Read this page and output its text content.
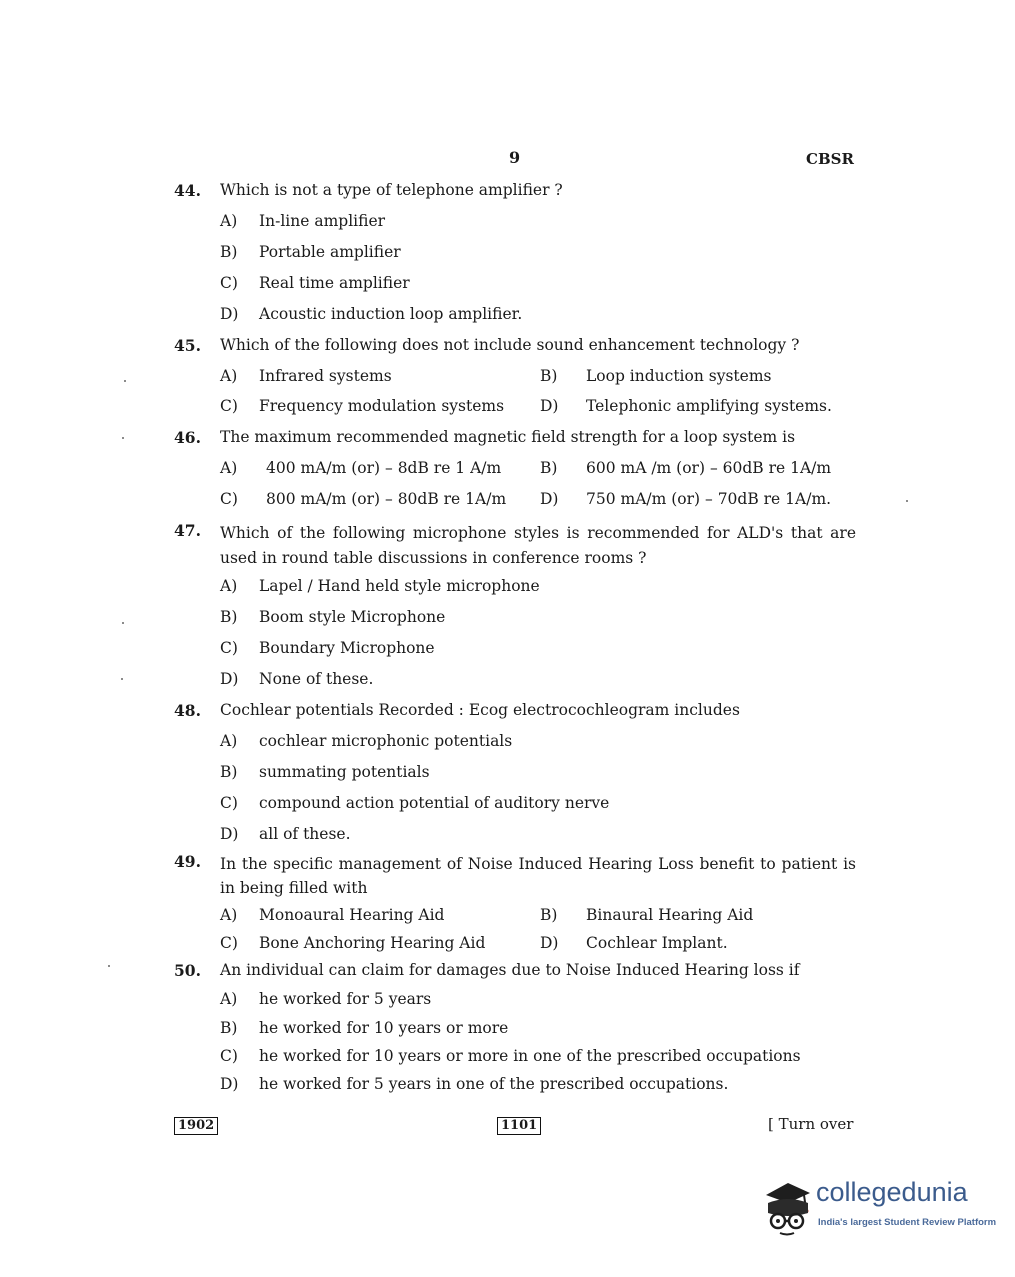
9	CBSR
44. Which is not a type of telephone amplifier ?
A) In-line amplifier
B) Portable amplifier
C) Real time amplifier
D) Acoustic induction loop amplifier.
45. Which of the following does not include sound enhancement technology ?
A) Infrared systems	B) Loop induction systems
C) Frequency modulation systems D) Telephonic amplifying systems.
46. The maximum recommended magnetic field strength for a loop system is
A) 400 mA/m (or) – 8dB re 1 A/m	B) 600 mA /m (or) – 60dB re 1A/m
C) 800 mA/m (or) – 80dB re 1A/m D) 750 mA/m (or) – 70dB re 1A/m.
47. Which of the following microphone styles is recommended for ALD's that are used in round table discussions in conference rooms ?
A) Lapel / Hand held style microphone
B) Boom style Microphone
C) Boundary Microphone
D) None of these.
48. Cochlear potentials Recorded : Ecog electrocochleogram includes
A) cochlear microphonic potentials
B) summating potentials
C) compound action potential of auditory nerve
D) all of these.
49. In the specific management of Noise Induced Hearing Loss benefit to patient is in being filled with
A) Monoaural Hearing Aid	B) Binaural Hearing Aid
C) Bone Anchoring Hearing Aid	D) Cochlear Implant.
50. An individual can claim for damages due to Noise Induced Hearing loss if
A) he worked for 5 years
B) he worked for 10 years or more
C) he worked for 10 years or more in one of the prescribed occupations
D) he worked for 5 years in one of the prescribed occupations.
1902	1101	[ Turn over
collegedunia
India's largest Student Review Platform
